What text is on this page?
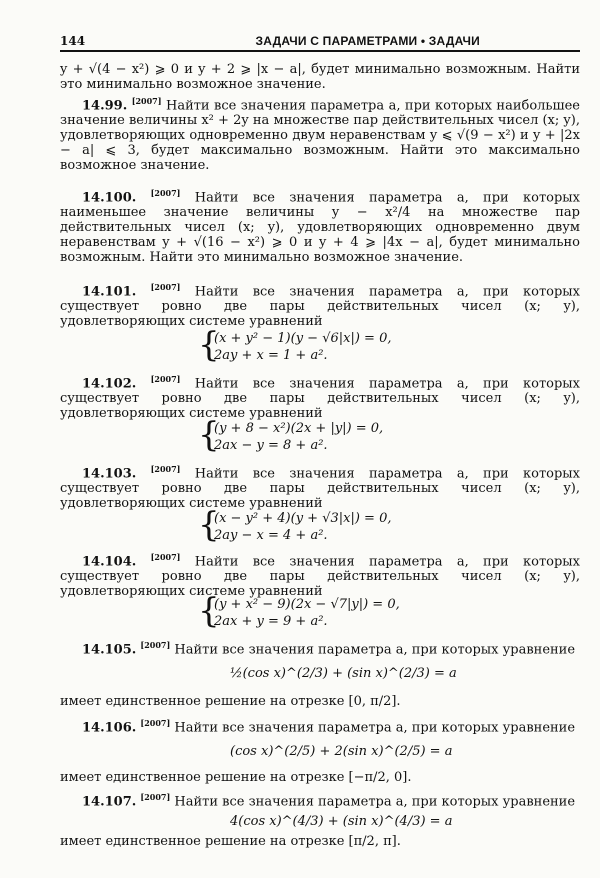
144	ЗАДАЧИ С ПАРАМЕТРАМИ • ЗАДАЧИ
y + √(4 − x²) ⩾ 0 и y + 2 ⩾ |x − a|, будет минимально возможным. Найти это минимально возможное значение.
14.99. [2007] Найти все значения параметра a, при которых наибольшее значение величины x² + 2y на множестве пар действительных чисел (x; y), удовлетворяющих одновременно двум неравенствам y ⩽ √(9 − x²) и y + |2x − a| ⩽ 3, будет максимально возможным. Найти это максимально возможное значение.
14.100. [2007] Найти все значения параметра a, при которых наименьшее значение величины y − x²/4 на множестве пар действительных чисел (x; y), удовлетворяющих одновременно двум неравенствам y + √(16 − x²) ⩾ 0 и y + 4 ⩾ |4x − a|, будет минимально возможным. Найти это минимально возможное значение.
14.101. [2007] Найти все значения параметра a, при которых существует ровно две пары действительных чисел (x; y), удовлетворяющих системе уравнений
{
(x + y² − 1)(y − √6|x|) = 0,
2ay + x = 1 + a².
14.102. [2007] Найти все значения параметра a, при которых существует ровно две пары действительных чисел (x; y), удовлетворяющих системе уравнений
{
(y + 8 − x²)(2x + |y|) = 0,
2ax − y = 8 + a².
14.103. [2007] Найти все значения параметра a, при которых существует ровно две пары действительных чисел (x; y), удовлетворяющих системе уравнений
{
(x − y² + 4)(y + √3|x|) = 0,
2ay − x = 4 + a².
14.104. [2007] Найти все значения параметра a, при которых существует ровно две пары действительных чисел (x; y), удовлетворяющих системе уравнений
{
(y + x² − 9)(2x − √7|y|) = 0,
2ax + y = 9 + a².
14.105. [2007] Найти все значения параметра a, при которых уравнение
½(cos x)^(2/3) + (sin x)^(2/3) = a
имеет единственное решение на отрезке [0, π/2].
14.106. [2007] Найти все значения параметра a, при которых уравнение
(cos x)^(2/5) + 2(sin x)^(2/5) = a
имеет единственное решение на отрезке [−π/2, 0].
14.107. [2007] Найти все значения параметра a, при которых уравнение
4(cos x)^(4/3) + (sin x)^(4/3) = a
имеет единственное решение на отрезке [π/2, π].
